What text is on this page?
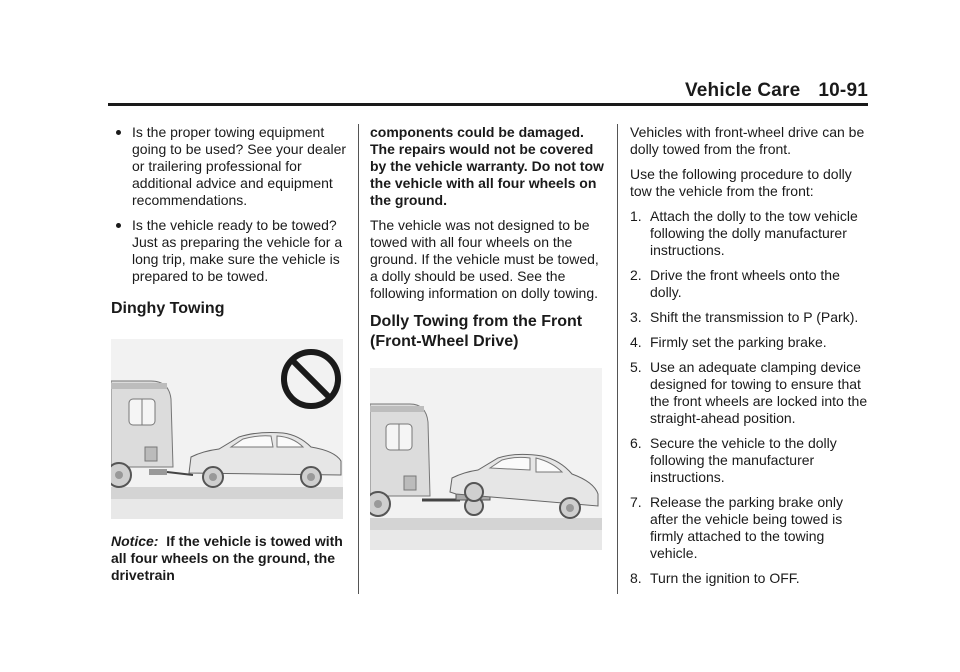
Vehicle Care 10-91
Is the proper towing equipment going to be used? See your dealer or trailering professional for additional advice and equipment recommendations.
Is the vehicle ready to be towed? Just as preparing the vehicle for a long trip, make sure the vehicle is prepared to be towed.
Dinghy Towing

Notice: If the vehicle is towed with all four wheels on the ground, the drivetrain

components could be damaged. The repairs would not be covered by the vehicle warranty. Do not tow the vehicle with all four wheels on the ground.

The vehicle was not designed to be towed with all four wheels on the ground. If the vehicle must be towed, a dolly should be used. See the following information on dolly towing.

Dolly Towing from the Front
(Front-Wheel Drive)

Vehicles with front-wheel drive can be dolly towed from the front.

Use the following procedure to dolly tow the vehicle from the front:

1. Attach the dolly to the tow vehicle following the dolly manufacturer instructions.
2. Drive the front wheels onto the dolly.
3. Shift the transmission to P (Park).
4. Firmly set the parking brake.
5. Use an adequate clamping device designed for towing to ensure that the front wheels are locked into the straight-ahead position.
6. Secure the vehicle to the dolly following the manufacturer instructions.
7. Release the parking brake only after the vehicle being towed is firmly attached to the towing vehicle.
8. Turn the ignition to OFF.
